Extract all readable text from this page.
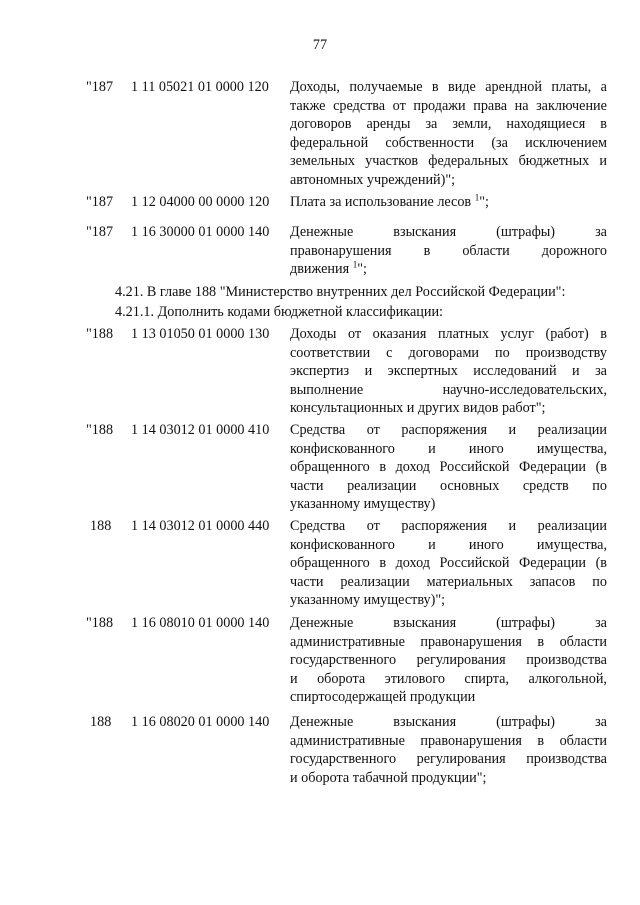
77
"187 1 11 05021 01 0000 120 Доходы, получаемые в виде арендной платы, а
также средства от продажи права на заключение
договоров аренды за земли, находящиеся в
федеральной собственности (за исключением
земельных участков федеральных бюджетных и
автономных учреждений)";
"187 1 12 04000 00 0000 120 Плата за использование лесов $^1$";
"187 1 16 30000 01 0000 140 Денежные	взыскания	(штрафы)	за
правонарушения в области дорожного
движения $^1$";
4.21. В главе 188 "Министерство внутренних дел Российской Федерации":
4.21.1. Дополнить кодами бюджетной классификации:
"188 1 13 01050 01 0000 130 Доходы от оказания платных услуг (работ) в
соответствии с договорами по производству
экспертиз и экспертных исследований и за
выполнение	научно-исследовательских,
консультационных и других видов работ";
"188 1 14 03012 01 0000 410 Средства от распоряжения и реализации
конфискованного и иного имущества,
обращенного в доход Российской Федерации (в
части реализации основных средств по
указанному имуществу)
188 1 14 03012 01 0000 440 Средства от распоряжения и реализации
конфискованного и иного имущества,
обращенного в доход Российской Федерации (в
части реализации материальных запасов по
указанному имуществу)";
"188 1 16 08010 01 0000 140 Денежные	взыскания	(штрафы)	за
административные правонарушения в области
государственного регулирования производства
и оборота этилового спирта, алкогольной,
спиртосодержащей продукции
188 1 16 08020 01 0000 140 Денежные	взыскания	(штрафы)	за
административные правонарушения в области
государственного регулирования производства
и оборота табачной продукции";
